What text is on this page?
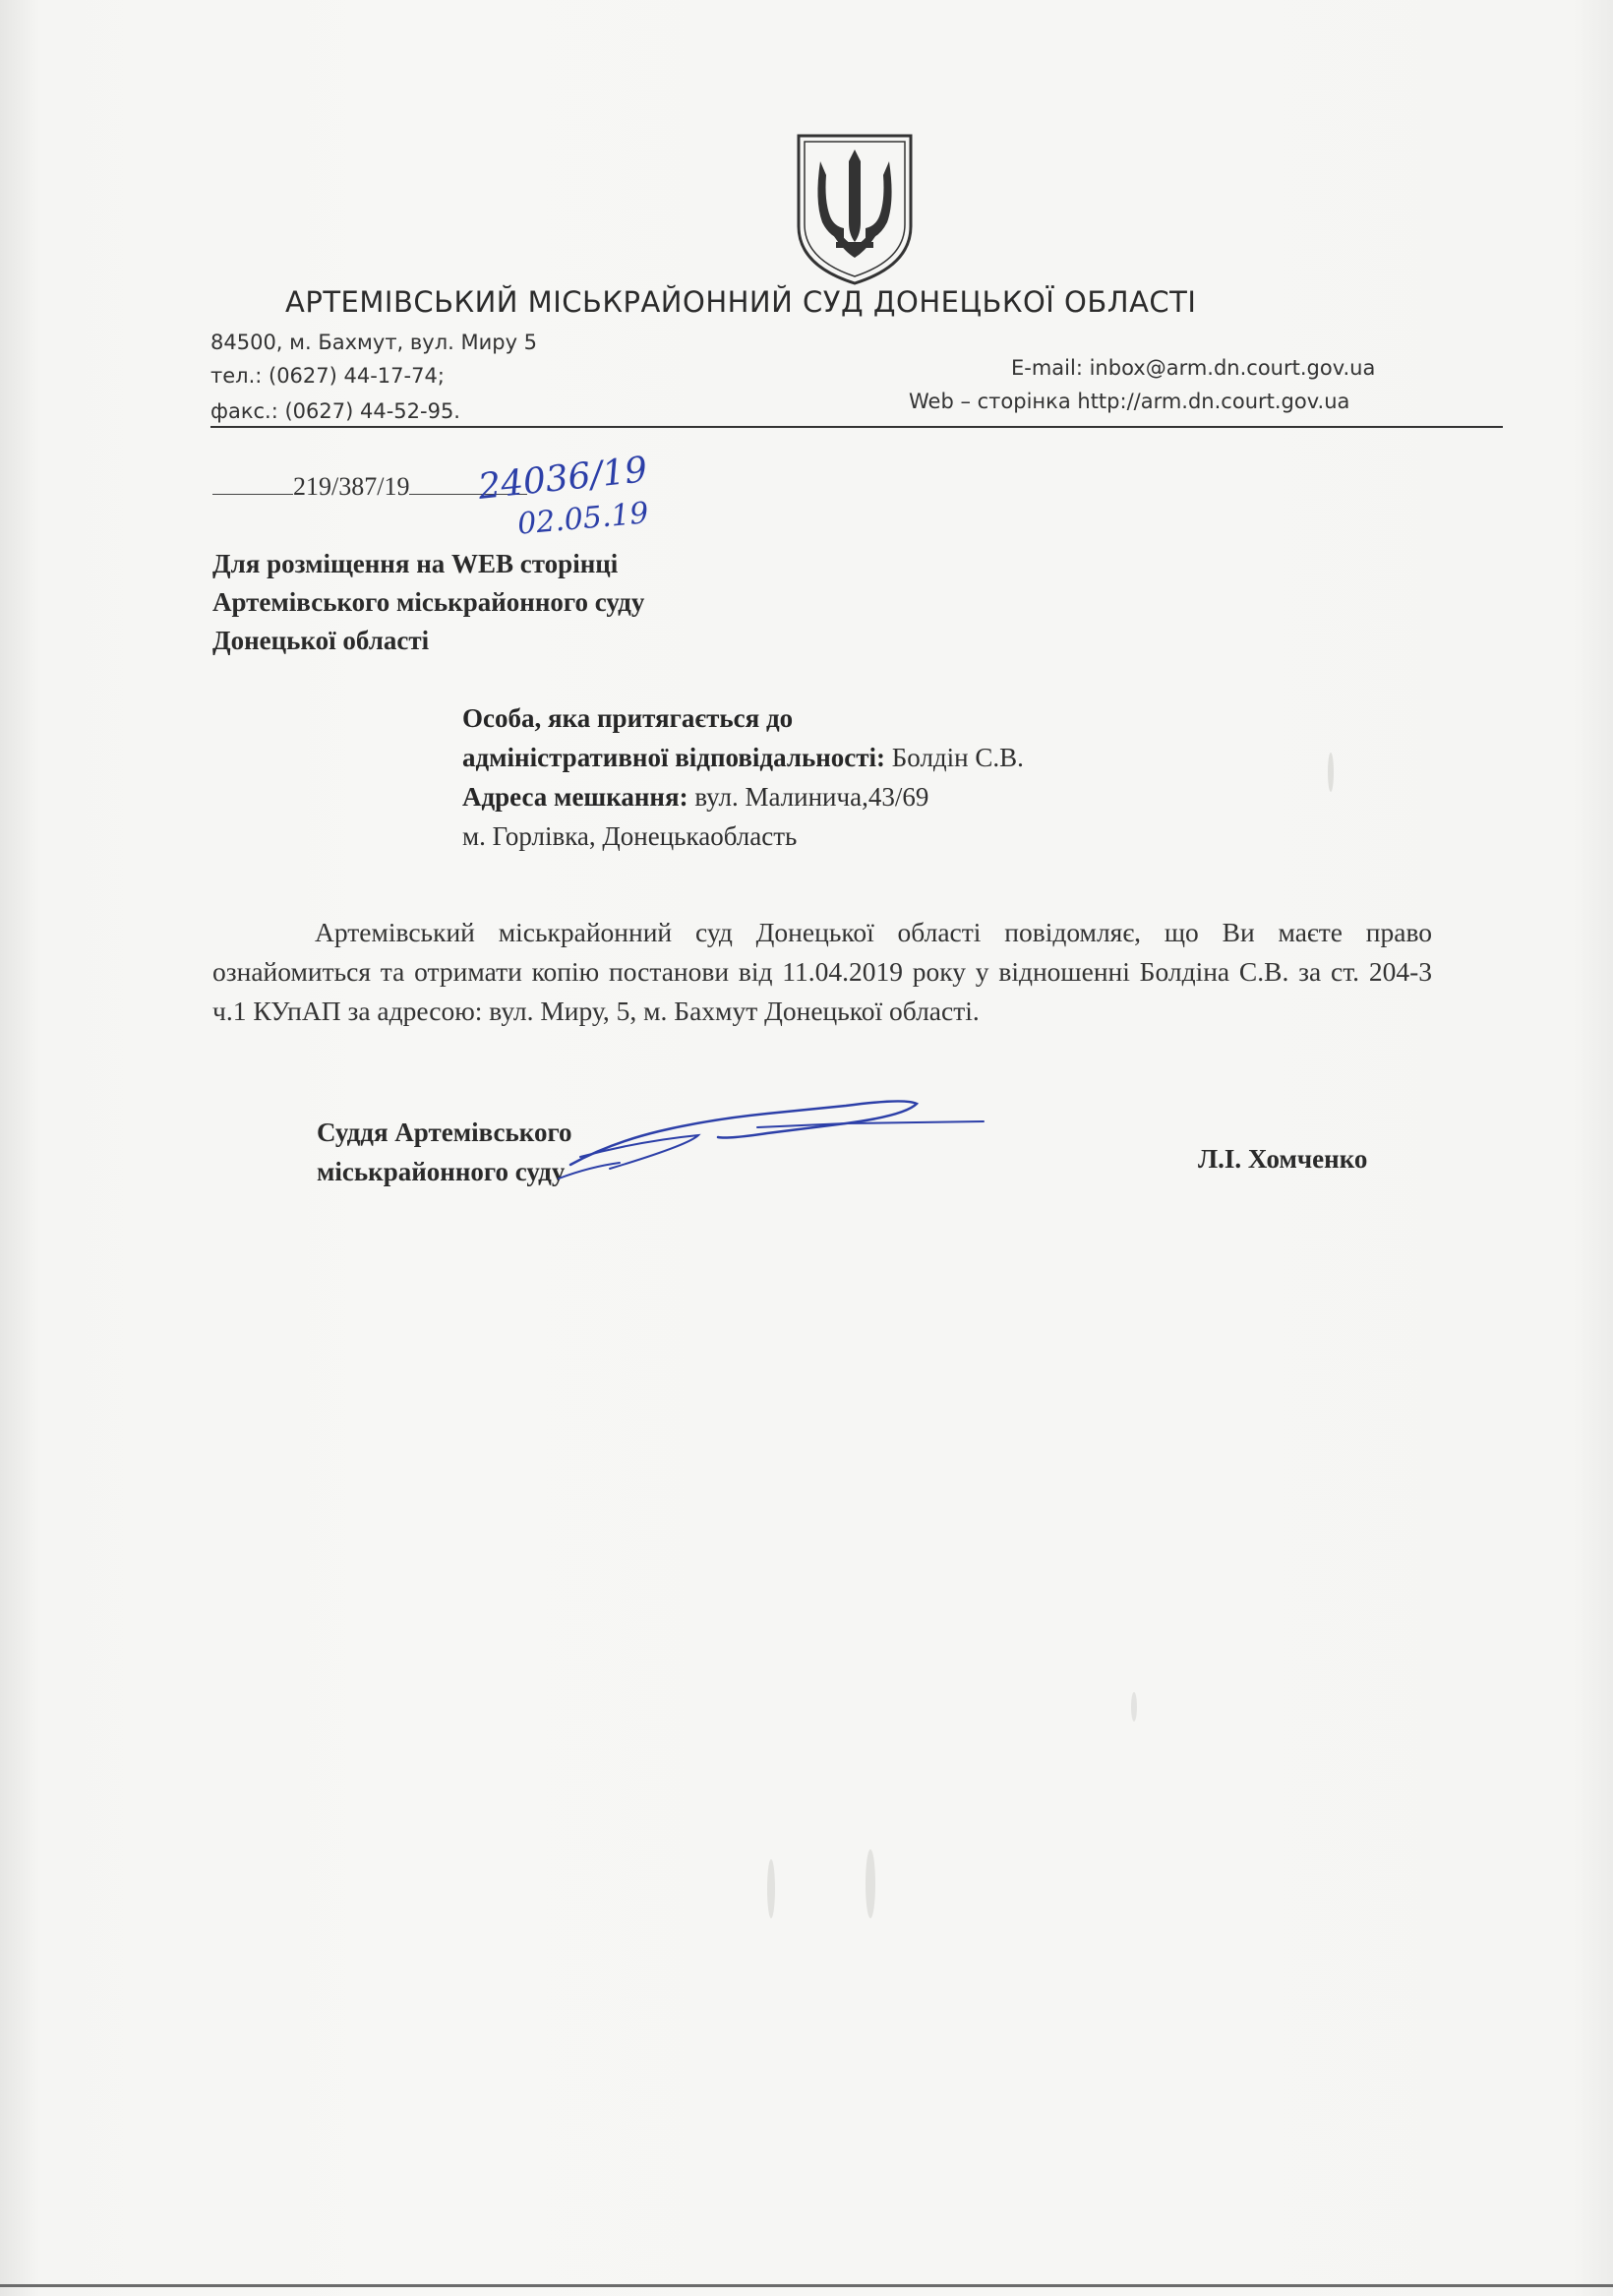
АРТЕМІВСЬКИЙ МІСЬКРАЙОННИЙ СУД ДОНЕЦЬКОЇ ОБЛАСТІ
84500, м. Бахмут, вул. Миру 5
тел.: (0627) 44-17-74;
факс.: (0627) 44-52-95.
E-mail: inbox@arm.dn.court.gov.ua
Web – сторінка http://arm.dn.court.gov.ua
219/387/19	24036/19
02.05.19
Для розміщення на WEB сторінці
Артемівського міськрайонного суду
Донецької області
Особа, яка притягається до
адміністративної відповідальності: Болдін С.В.
Адреса мешкання: вул. Малинича,43/69
м. Горлівка, Донецькаобласть
Артемівський міськрайонний суд Донецької області повідомляє, що Ви маєте право ознайомиться та отримати копію постанови від 11.04.2019 року у відношенні Болдіна С.В. за ст. 204-3 ч.1 КУпАП за адресою: вул. Миру, 5, м. Бахмут Донецької області.
Суддя Артемівського
міськрайонного суду	Л.І. Хомченко
